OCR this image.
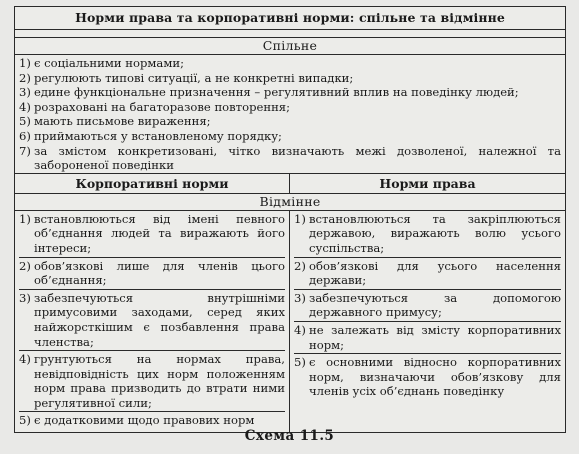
Норми права та корпоративні норми: спільне та відмінне
Спільне
1) є соціальними нормами;
2) регулюють типові ситуації, а не конкретні випадки;
3) едине функціональне призначення – регулятивний вплив на поведінку людей;
4) розраховані на багаторазове повторення;
5) мають письмове вираження;
6) приймаються у встановленому порядку;
7) за змістом конкретизовані, чітко визначають межі дозволеної, належної та забороненої поведінки
Корпоративні норми	Норми права
Відмінне
1) встановлюються від імені певного об’єднання людей та виражають його інтереси;
2) обов’язкові лише для членів цього об’єднання;
3) забезпечуються внутрішніми примусовими заходами, серед яких найжорсткішим є позбавлення права членства;
4) грунтуються на нормах права, невідповідність цих норм положенням норм права призводить до втрати ними регулятивної сили;
5) є додатковими щодо правових норм
1) встановлюються та закріплюються державою, виражають волю усього суспільства;
2) обов’язкові для усього населення держави;
3) забезпечуються за допомогою державного примусу;
4) не залежать від змісту корпоративних норм;
5) є основними відносно корпоративних норм, визначаючи обов’язкову для членів усіх об’єднань поведінку
Схема 11.5
